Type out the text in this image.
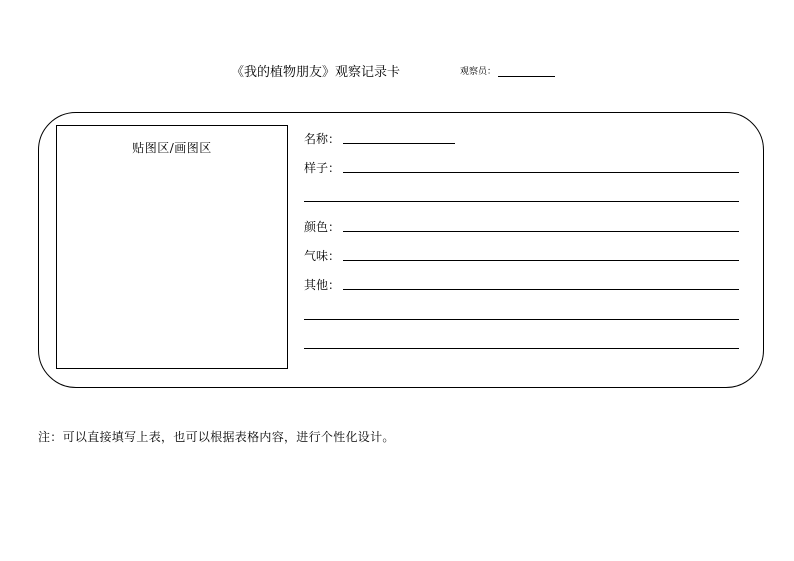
《我的植物朋友》观察记录卡	观察员：
贴图区/画图区
名称：
样子：
颜色：
气味：
其他：
注：可以直接填写上表，也可以根据表格内容，进行个性化设计。
